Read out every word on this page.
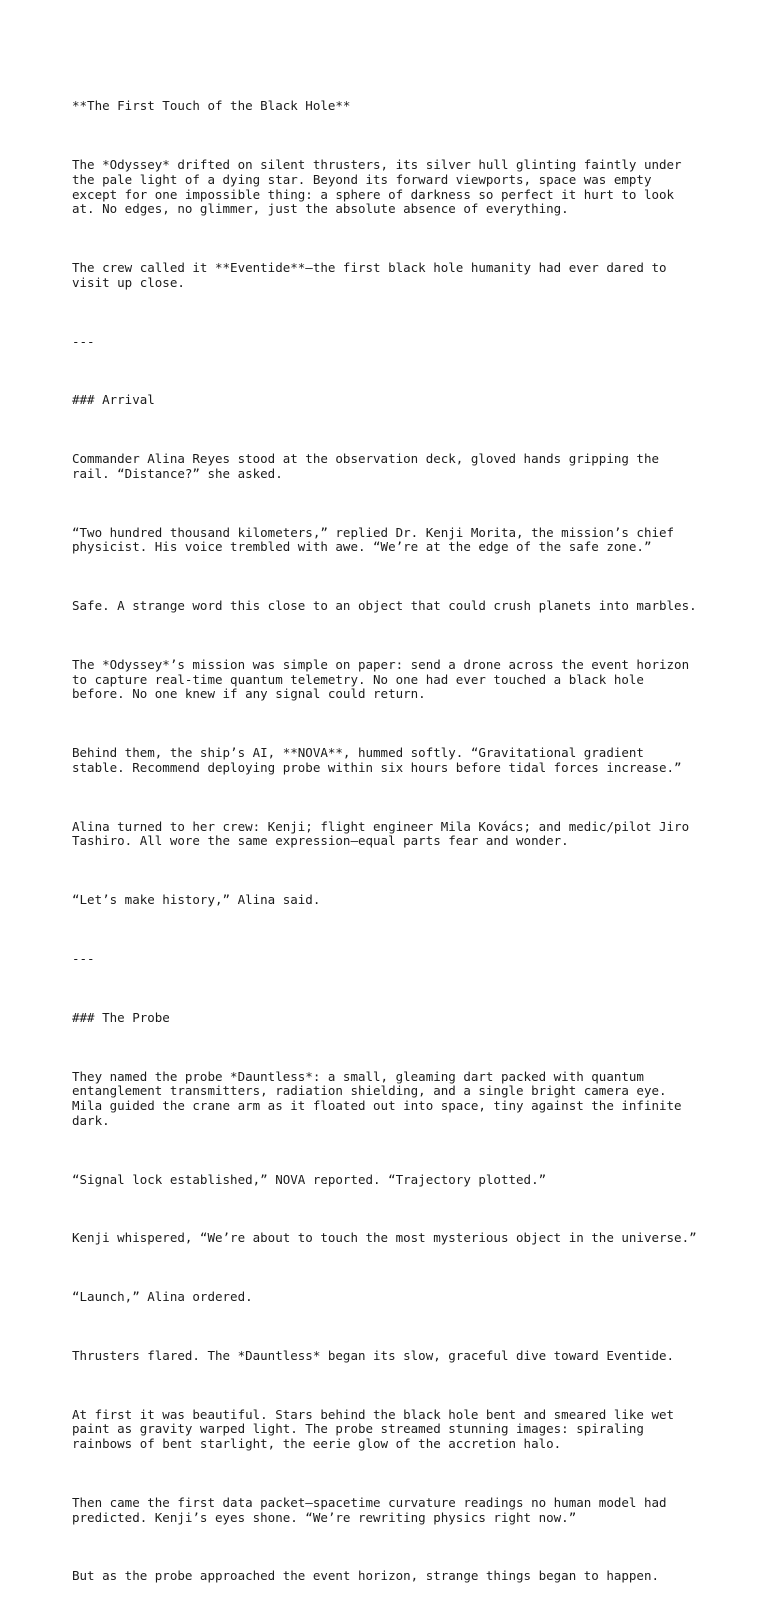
**The First Touch of the Black Hole**

The *Odyssey* drifted on silent thrusters, its silver hull glinting faintly under
the pale light of a dying star. Beyond its forward viewports, space was empty
except for one impossible thing: a sphere of darkness so perfect it hurt to look
at. No edges, no glimmer, just the absolute absence of everything.

The crew called it **Eventide**—the first black hole humanity had ever dared to
visit up close.

---

### Arrival

Commander Alina Reyes stood at the observation deck, gloved hands gripping the
rail. “Distance?” she asked.

“Two hundred thousand kilometers,” replied Dr. Kenji Morita, the mission’s chief
physicist. His voice trembled with awe. “We’re at the edge of the safe zone.”

Safe. A strange word this close to an object that could crush planets into marbles.

The *Odyssey*’s mission was simple on paper: send a drone across the event horizon
to capture real-time quantum telemetry. No one had ever touched a black hole
before. No one knew if any signal could return.

Behind them, the ship’s AI, **NOVA**, hummed softly. “Gravitational gradient
stable. Recommend deploying probe within six hours before tidal forces increase.”

Alina turned to her crew: Kenji; flight engineer Mila Kovács; and medic/pilot Jiro
Tashiro. All wore the same expression—equal parts fear and wonder.

“Let’s make history,” Alina said.

---

### The Probe

They named the probe *Dauntless*: a small, gleaming dart packed with quantum
entanglement transmitters, radiation shielding, and a single bright camera eye.
Mila guided the crane arm as it floated out into space, tiny against the infinite
dark.

“Signal lock established,” NOVA reported. “Trajectory plotted.”

Kenji whispered, “We’re about to touch the most mysterious object in the universe.”

“Launch,” Alina ordered.

Thrusters flared. The *Dauntless* began its slow, graceful dive toward Eventide.

At first it was beautiful. Stars behind the black hole bent and smeared like wet
paint as gravity warped light. The probe streamed stunning images: spiraling
rainbows of bent starlight, the eerie glow of the accretion halo.

Then came the first data packet—spacetime curvature readings no human model had
predicted. Kenji’s eyes shone. “We’re rewriting physics right now.”

But as the probe approached the event horizon, strange things began to happen.
